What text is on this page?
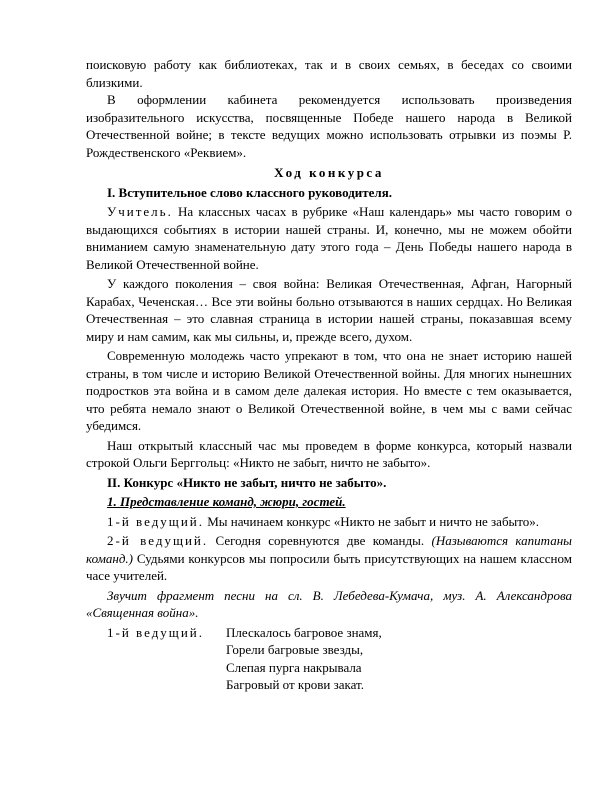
поисковую работу как библиотеках, так и в своих семьях, в беседах со своими близкими.

В оформлении кабинета рекомендуется использовать произведения изобразительного искусства, посвященные Победе нашего народа в Великой Отечественной войне; в тексте ведущих можно использовать отрывки из поэмы Р. Рождественского «Реквием».

Ход конкурса

I. Вступительное слово классного руководителя.

Учитель. На классных часах в рубрике «Наш календарь» мы часто говорим о выдающихся событиях в истории нашей страны. И, конечно, мы не можем обойти вниманием самую знаменательную дату этого года – День Победы нашего народа в Великой Отечественной войне.

У каждого поколения – своя война: Великая Отечественная, Афган, Нагорный Карабах, Чеченская… Все эти войны больно отзываются в наших сердцах. Но Великая Отечественная – это славная страница в истории нашей страны, показавшая всему миру и нам самим, как мы сильны, и, прежде всего, духом.

Современную молодежь часто упрекают в том, что она не знает историю нашей страны, в том числе и историю Великой Отечественной войны. Для многих нынешних подростков эта война и в самом деле далекая история. Но вместе с тем оказывается, что ребята немало знают о Великой Отечественной войне, в чем мы с вами сейчас убедимся.

Наш открытый классный час мы проведем в форме конкурса, который назвали строкой Ольги Берггольц: «Никто не забыт, ничто не забыто».

II. Конкурс «Никто не забыт, ничто не забыто».

1. Представление команд, жюри, гостей.

1-й ведущий. Мы начинаем конкурс «Никто не забыт и ничто не забыто».

2-й ведущий. Сегодня соревнуются две команды. (Называются капитаны команд.) Судьями конкурсов мы попросили быть присутствующих на нашем классном часе учителей.

Звучит фрагмент песни на сл. В. Лебедева-Кумача, муз. А. Александрова «Священная война».

1-й ведущий.	Плескалось багровое знамя,
Горели багровые звезды,
Слепая пурга накрывала
Багровый от крови закат.
